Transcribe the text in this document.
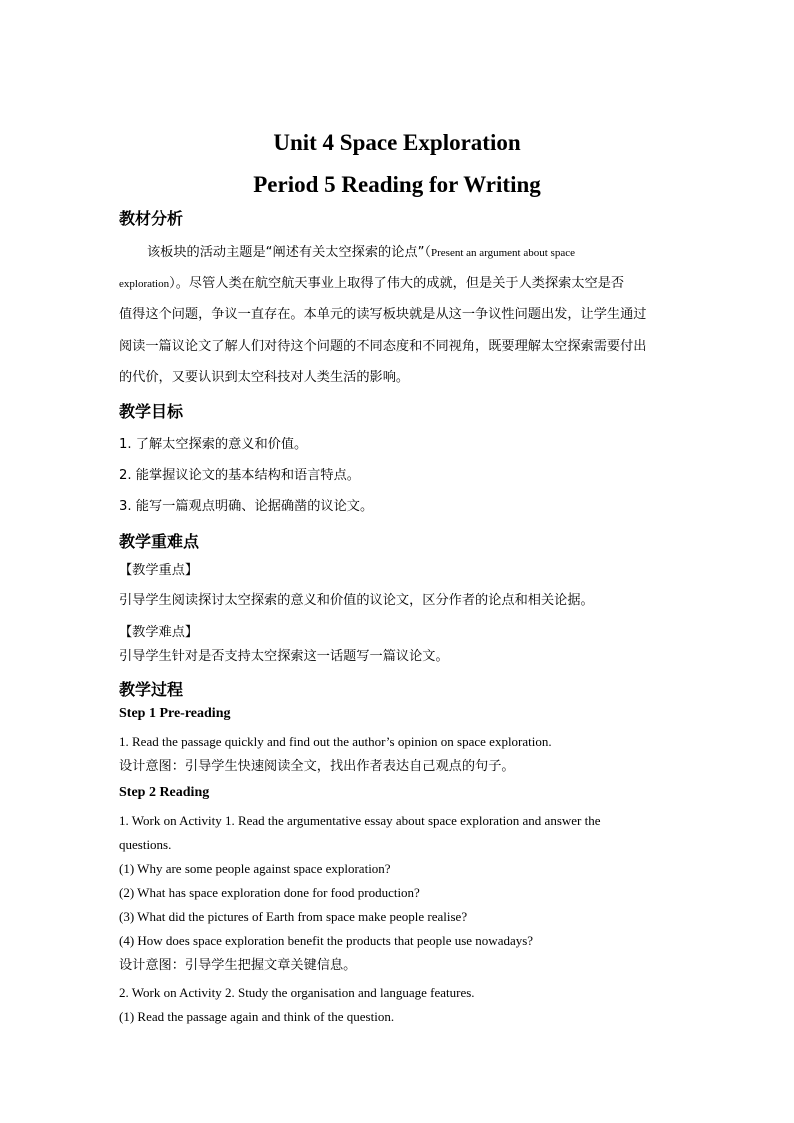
Unit 4 Space Exploration
Period 5 Reading for Writing
教材分析
该板块的活动主题是“阐述有关太空探索的论点”（Present an argument about space
exploration）。尽管人类在航空航天事业上取得了伟大的成就，但是关于人类探索太空是否
值得这个问题，争议一直存在。本单元的读写板块就是从这一争议性问题出发，让学生通过
阅读一篇议论文了解人们对待这个问题的不同态度和不同视角，既要理解太空探索需要付出
的代价，又要认识到太空科技对人类生活的影响。
教学目标
1. 了解太空探索的意义和价值。
2. 能掌握议论文的基本结构和语言特点。
3. 能写一篇观点明确、论据确凿的议论文。
教学重难点
【教学重点】
引导学生阅读探讨太空探索的意义和价值的议论文，区分作者的论点和相关论据。
【教学难点】
引导学生针对是否支持太空探索这一话题写一篇议论文。
教学过程
Step 1 Pre-reading
1. Read the passage quickly and find out the author’s opinion on space exploration.
设计意图：引导学生快速阅读全文，找出作者表达自己观点的句子。
Step 2 Reading
1. Work on Activity 1. Read the argumentative essay about space exploration and answer the
questions.
(1) Why are some people against space exploration?
(2) What has space exploration done for food production?
(3) What did the pictures of Earth from space make people realise?
(4) How does space exploration benefit the products that people use nowadays?
设计意图：引导学生把握文章关键信息。
2. Work on Activity 2. Study the organisation and language features.
(1) Read the passage again and think of the question.
